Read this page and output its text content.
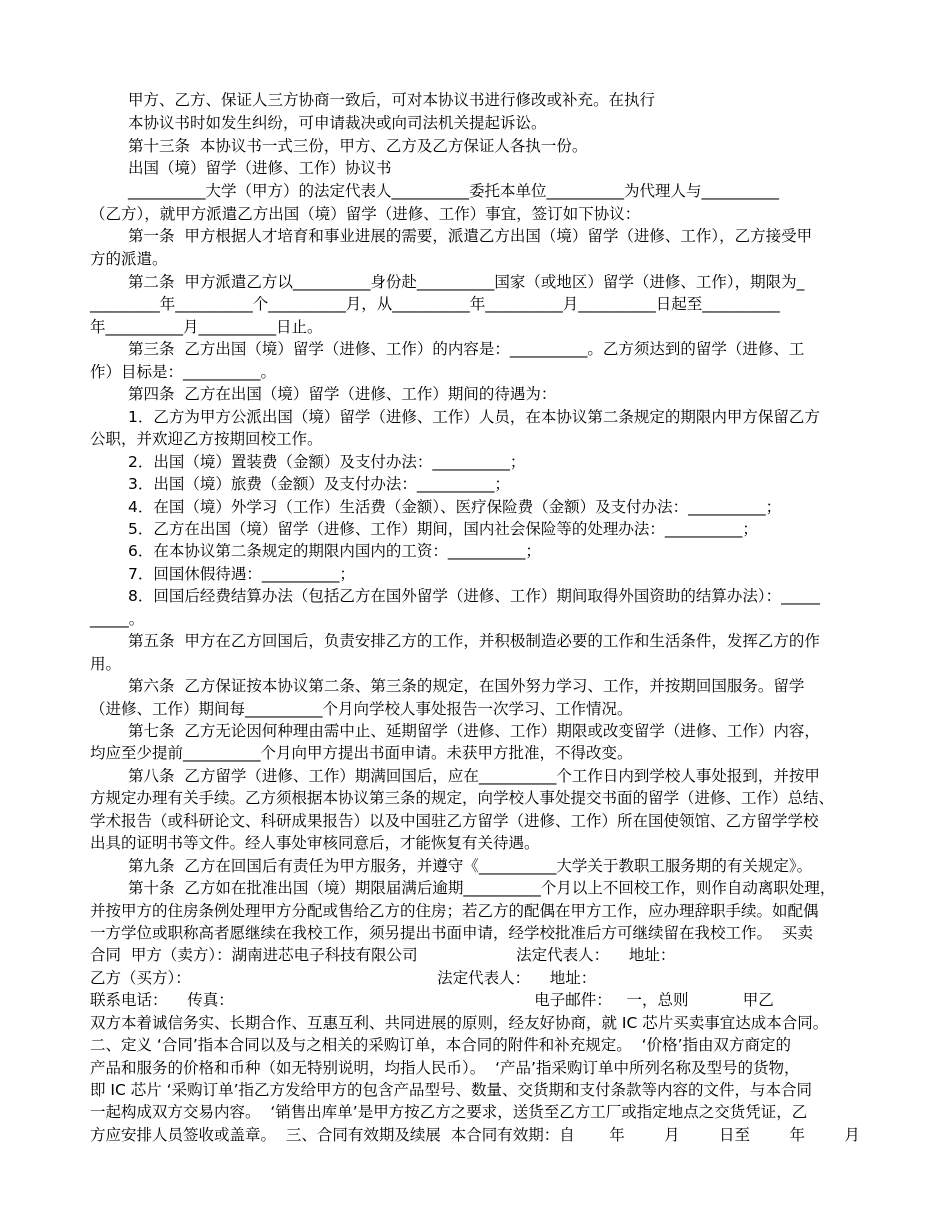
甲方、乙方、保证人三方协商一致后，可对本协议书进行修改或补充。在执行
本协议书时如发生纠纷，可申请裁决或向司法机关提起诉讼。
第十三条  本协议书一式三份，甲方、乙方及乙方保证人各执一份。
出国（境）留学（进修、工作）协议书
__________大学（甲方）的法定代表人__________委托本单位__________为代理人与__________
（乙方），就甲方派遣乙方出国（境）留学（进修、工作）事宜，签订如下协议：
第一条  甲方根据人才培育和事业进展的需要，派遣乙方出国（境）留学（进修、工作），乙方接受甲
方的派遣。
第二条  甲方派遣乙方以__________身份赴__________国家（或地区）留学（进修、工作），期限为_
_________年__________个__________月，从__________年__________月__________日起至__________
年__________月__________日止。
第三条  乙方出国（境）留学（进修、工作）的内容是：__________。乙方须达到的留学（进修、工
作）目标是：__________。
第四条  乙方在出国（境）留学（进修、工作）期间的待遇为：
1．乙方为甲方公派出国（境）留学（进修、工作）人员，在本协议第二条规定的期限内甲方保留乙方
公职，并欢迎乙方按期回校工作。
2．出国（境）置装费（金额）及支付办法：__________；
3．出国（境）旅费（金额）及支付办法：__________；
4．在国（境）外学习（工作）生活费（金额）、医疗保险费（金额）及支付办法：__________；
5．乙方在出国（境）留学（进修、工作）期间，国内社会保险等的处理办法：__________；
6．在本协议第二条规定的期限内国内的工资：__________；
7．回国休假待遇：__________；
8．回国后经费结算办法（包括乙方在国外留学（进修、工作）期间取得外国资助的结算办法）：_____
_____。
第五条  甲方在乙方回国后，负责安排乙方的工作，并积极制造必要的工作和生活条件，发挥乙方的作
用。
第六条  乙方保证按本协议第二条、第三条的规定，在国外努力学习、工作，并按期回国服务。留学
（进修、工作）期间每__________个月向学校人事处报告一次学习、工作情况。
第七条  乙方无论因何种理由需中止、延期留学（进修、工作）期限或改变留学（进修、工作）内容，
均应至少提前__________个月向甲方提出书面申请。未获甲方批准，不得改变。
第八条  乙方留学（进修、工作）期满回国后，应在__________个工作日内到学校人事处报到，并按甲
方规定办理有关手续。乙方须根据本协议第三条的规定，向学校人事处提交书面的留学（进修、工作）总结、
学术报告（或科研论文、科研成果报告）以及中国驻乙方留学（进修、工作）所在国使领馆、乙方留学学校
出具的证明书等文件。经人事处审核同意后，才能恢复有关待遇。
第九条  乙方在回国后有责任为甲方服务，并遵守《__________大学关于教职工服务期的有关规定》。
第十条  乙方如在批准出国（境）期限届满后逾期__________个月以上不回校工作，则作自动离职处理，
并按甲方的住房条例处理甲方分配或售给乙方的住房；若乙方的配偶在甲方工作，应办理辞职手续。如配偶
一方学位或职称高者愿继续在我校工作，须另提出书面申请，经学校批准后方可继续留在我校工作。  买卖
合同  甲方（卖方）：湖南进芯电子科技有限公司                    法定代表人：    地址：
乙方（买方）：                                                  法定代表人：    地址：
联系电话：    传真：                                                             电子邮件：   一，总则           甲乙
双方本着诚信务实、长期合作、互惠互利、共同进展的原则，经友好协商，就 IC 芯片买卖事宜达成本合同。
二、定义 ‘合同’指本合同以及与之相关的采购订单，本合同的附件和补充规定。  ‘价格’指由双方商定的
产品和服务的价格和币种（如无特别说明，均指人民币）。  ‘产品’指采购订单中所列名称及型号的货物，
即 IC 芯片 ‘采购订单’指乙方发给甲方的包含产品型号、数量、交货期和支付条款等内容的文件，与本合同
一起构成双方交易内容。  ‘销售出库单’是甲方按乙方之要求，送货至乙方工厂或指定地点之交货凭证，乙
方应安排人员签收或盖章。  三、合同有效期及续展  本合同有效期：自       年        月        日至        年        月
